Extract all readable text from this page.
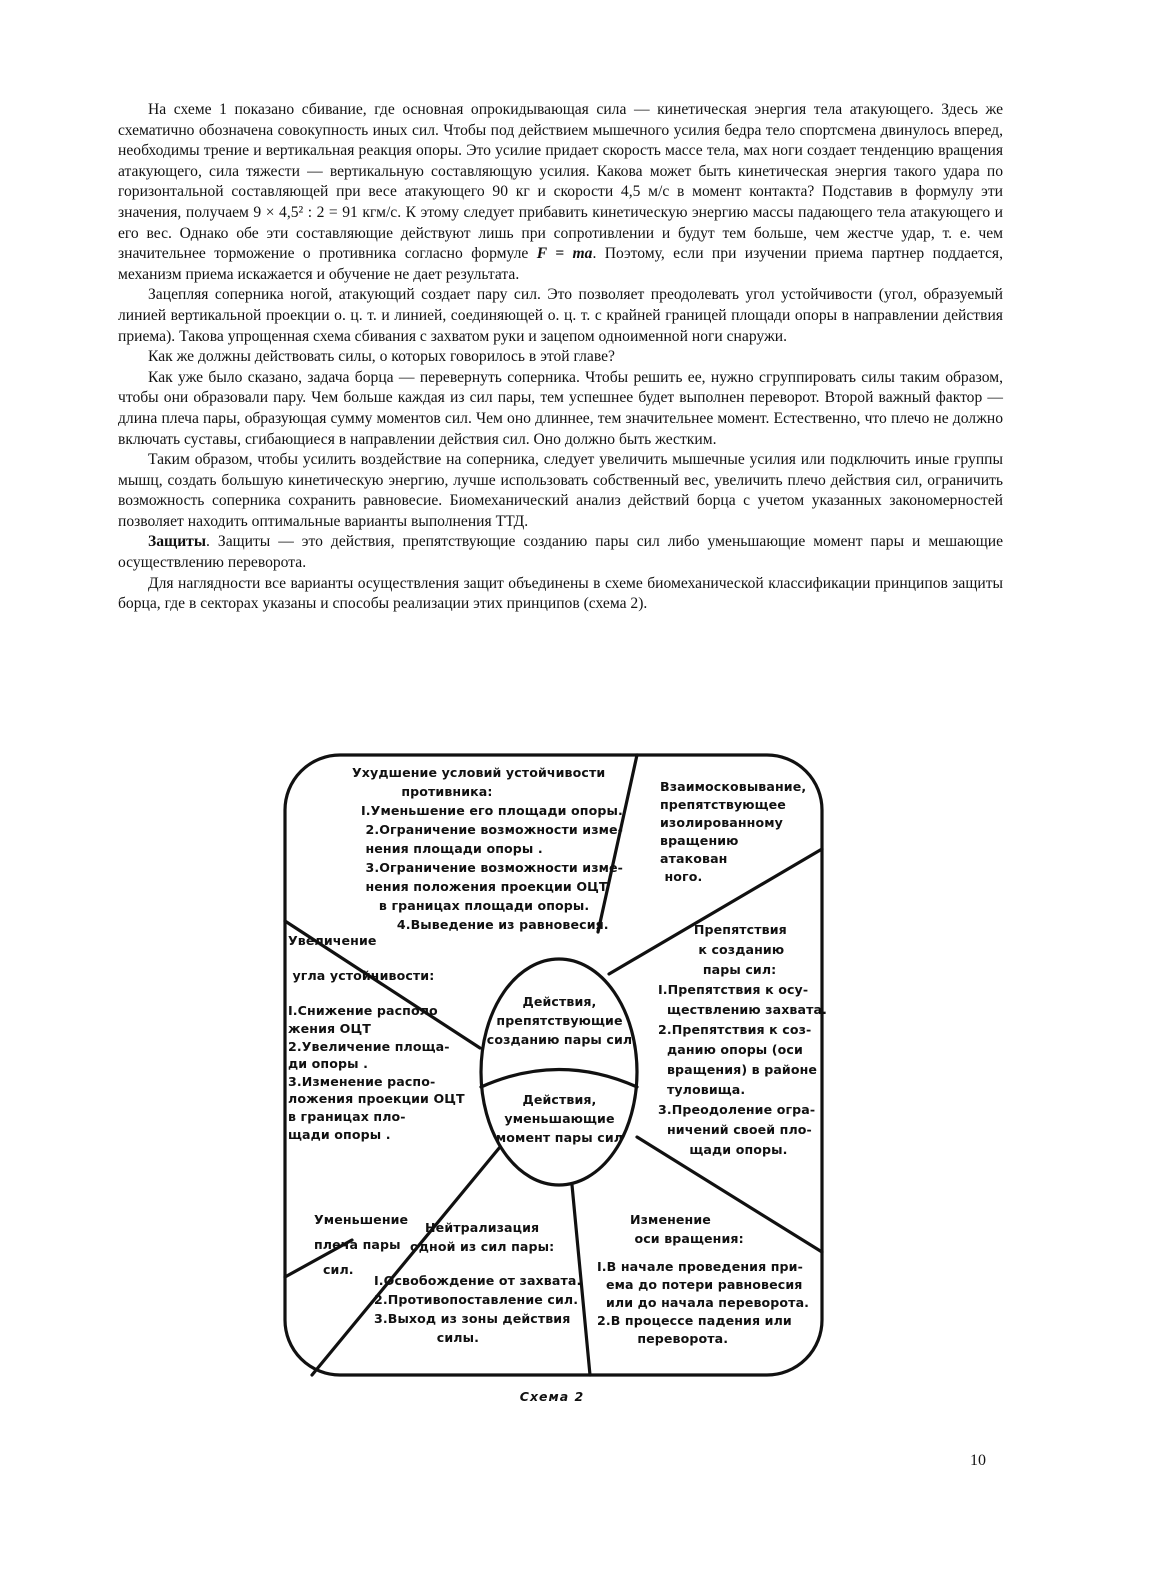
На схеме 1 показано сбивание, где основная опрокидывающая сила — кинетическая энергия тела атакующего. Здесь же схематично обозначена совокупность иных сил. Чтобы под действием мышечного усилия бедра тело спортсмена двинулось вперед, необходимы трение и вертикальная реакция опоры. Это усилие придает скорость массе тела, мах ноги создает тенденцию вращения атакующего, сила тяжести — вертикальную составляющую усилия. Какова может быть кинетическая энергия такого удара по горизонтальной составляющей при весе атакующего 90 кг и скорости 4,5 м/с в момент контакта? Подставив в формулу эти значения, получаем 9 × 4,5² : 2 = 91 кгм/с. К этому следует прибавить кинетическую энергию массы падающего тела атакующего и его вес. Однако обе эти составляющие действуют лишь при сопротивлении и будут тем больше, чем жестче удар, т. е. чем значительнее торможение о противника согласно формуле F = ma. Поэтому, если при изучении приема партнер поддается, механизм приема искажается и обучение не дает результата.

Зацепляя соперника ногой, атакующий создает пару сил. Это позволяет преодолевать угол устойчивости (угол, образуемый линией вертикальной проекции о. ц. т. и линией, соединяющей о. ц. т. с крайней границей площади опоры в направлении действия приема). Такова упрощенная схема сбивания с захватом руки и зацепом одноименной ноги снаружи.

Как же должны действовать силы, о которых говорилось в этой главе?

Как уже было сказано, задача борца — перевернуть соперника. Чтобы решить ее, нужно сгруппировать силы таким образом, чтобы они образовали пару. Чем больше каждая из сил пары, тем успешнее будет выполнен переворот. Второй важный фактор — длина плеча пары, образующая сумму моментов сил. Чем оно длиннее, тем значительнее момент. Естественно, что плечо не должно включать суставы, сгибающиеся в направлении действия сил. Оно должно быть жестким.

Таким образом, чтобы усилить воздействие на соперника, следует увеличить мышечные усилия или подключить иные группы мышц, создать большую кинетическую энергию, лучше использовать собственный вес, увеличить плечо действия сил, ограничить возможность соперника сохранить равновесие. Биомеханический анализ действий борца с учетом указанных закономерностей позволяет находить оптимальные варианты выполнения ТТД.

Защиты. Защиты — это действия, препятствующие созданию пары сил либо уменьшающие момент пары и мешающие осуществлению переворота.

Для наглядности все варианты осуществления защит объединены в схеме биомеханической классификации принципов защиты борца, где в секторах указаны и способы реализации этих принципов (схема 2).

Ухудшение условий устойчивости
противника:
I.Уменьшение его площади опоры.
2.Ограничение возможности изме-
нения площади опоры .
3.Ограничение возможности изме-
нения положения проекции ОЦТ
в границах площади опоры.
4.Выведение из равновесия.
Взаимосковывание,
препятствующее
изолированному
вращению
атакован
ного.
Препятствия
к созданию
пары сил:
I.Препятствия к осу-
ществлению захвата.
2.Препятствия к соз-
данию опоры (оси
вращения) в районе
туловища.
3.Преодоление огра-
ничений своей пло-
щади опоры.
Изменение
оси вращения:
I.В начале проведения при-
ема до потери равновесия
или до начала переворота.
2.В процессе падения или
переворота.
Нейтрализация
одной из сил пары:
I.Освобождение от захвата.
2.Противопоставление сил.
3.Выход из зоны действия
силы.
Уменьшение
плеча пары
сил.
Увеличение

угла устойчивости:

I.Снижение располо
жения ОЦТ
2.Увеличение площа-
ди опоры .
3.Изменение распо-
ложения проекции ОЦТ
в границах пло-
щади опоры .
Действия,
препятствующие
созданию пары сил
Действия,
уменьшающие
момент пары сил
Схема 2
10
